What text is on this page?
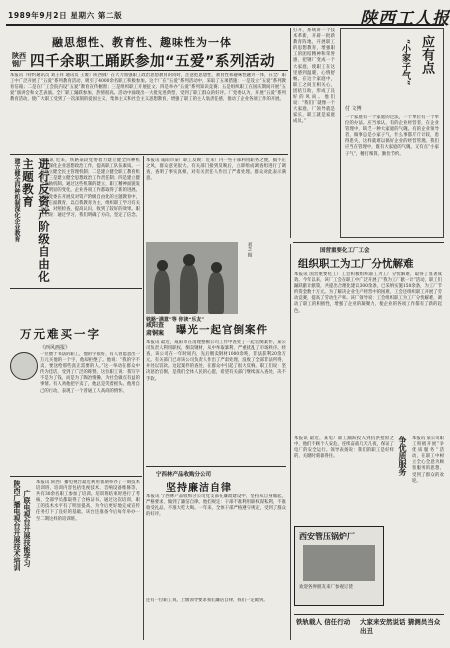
1989年9月2日 星期六 第二版	陕西工人报
融思想性、教育性、趣味性为一体
陕西
钢厂 四千余职工踊跃参加“五爱”系列活动
本报讯（特约通讯员 刘王祥 通讯员 王俊）陕西钢厂在大力加强职工政治思想教育的同时，注意把思想性、教育性和趣味性融为一体，在全厂职工中广泛开展了“五爱”系列教育活动，吸引了4000余名职工积极参加。这个厂在“五爱”系列活动中，采取了五项措施：一是设立“五爱”系列教育信箱；二是在厂工会院内设“五爱”教育宣传橱窗；三是组织职工开展征文；四是举办“五爱”系列知识竞赛；五是组织职工在国庆期间开展“五爱”演讲会和文艺表演。全厂职工踊跃参加，热情很高。活动中涌现出一大批先进典型，受到了职工群众的好评。厂党委认为，开展“五爱”系列教育活动，使广大职工受到了一次深刻的爱国主义、集体主义和社会主义思想教育，增强了职工的主人翁责任感，推动了企业各项工作的开展。
打开，系统讲一个技术革新，开辟一批新教育阵地，开展职工的思想教育，增强职工的团结精神和荣誉感，把钢厂变成一个大家庭，使职工在这里感到温暖，心情舒畅。在这个家庭中，职工之间互相关心，团结互助，形成了良好的风尚。他们说：“我们厂就像一个大家庭，厂领导就是家长，职工就是家庭成员。”
应有点
“小家子气”
付 文博
一个家庭有一个家庭的过法，一个单位有一个单位的办法。应当承认，有的企业经营者，在企业管理中，缺乏一种大家庭的气魄。有的企业领导者，做事总是小家子气，什么事都斤斤计较，患得患失，这样就难以搞好企业的经营管理。我们应当在管理中，既有大家庭的气魄，又有点“小家子气”，精打细算，勤俭节约。
建立健全四种机制深化企业教育	进行反资产阶级自由化主题教育	本报讯 近来，铁路某段党委着力建立健全四种机制，深化企业思想政治工作，提高职工队伍素质。一是建立健全民主管理机制；二是建立健全职工教育机制；三是建立健全思想政治工作责任制；四是建立健全激励机制。通过这些机制的建立，职工精神面貌发生了明显的变化，企业各项工作都取得了新的进展。该段党委在开展反对资产阶级自由化的主题教育中，坚持正面教育，以自我教育为主，组织职工学习有关文件，对照检查，提高认识，收到了较好的效果。职工们说：通过学习，我们明确了方向，坚定了信念。
铁路“满意”等 你读“乐友”
刘芝 摄
万元难买一字
《西风画报》
一位擅于书法的职工，他的字很好，有人曾愿意出一万元买他的一个字，他却拒绝了。他说：“我的字不卖，要送给那些真正需要的人。”这一举动在群众中传为佳话，受到了广泛的称赞。这位职工说：我写字不是为了钱，而是为了陶冶情操，为社会做点有益的事情。有人劝他把字卖了，他总是笑着摇头。他用自己的行动，表现了一个普通工人高尚的情怀。
陕西广播电视台开展技术培训 广联电视台开展技能学习
本报讯 陕西广播电视台最近利用暑期举办了一期技术培训班，培训内容包括电视技术、音响设备维修等，共有30余名职工参加了培训。培训班结束时进行了考核，全部学员都取得了合格证书。通过这次培训，职工的技术水平有了明显提高，为今后更好地完成宣传任务打下了良好的基础。该台还准备今后每年举办一至二期这样的培训班。
本报讯 咸阳市某厂职工反映：近来厂内一些干部利用职务之便，搞不正之风，群众意见很大。有关部门接到反映后，立即组成调查组进行了调查，查明了事实真相，对有关责任人作出了严肃处理。群众对此表示满意。
咸阳查
肃铜案 曝光一起官倒案件
本报讯 最近，咸阳市在清理整顿公司工作中查处了一起官倒案件。某公司负责人利用职权，倒卖钢材，从中牟取暴利，严重扰乱了市场秩序。经查，该公司在一年时间内，先后倒卖钢材1000余吨，非法获利20余万元。有关部门已对该公司负责人作出了严肃处理，没收了全部非法所得，并处以罚款。这起案件的查处，在群众中引起了很大反响。职工们说：坚决惩治官倒，是我们全体人民的心愿，希望有关部门继续深入查处，决不手软。
宁西林产品收购分公司
坚持廉洁自律
本报讯 宁西林产品收购分公司党支部在廉政建设中，坚持从自身做起，严格要求，做到了廉洁自律。他们规定：干部不准利用职权谋私利，不准收受礼品，不准大吃大喝。一年来，全体干部严格遵守规定，受到了群众的好评。
还有一位职工说，上级领导要求我们廉洁自律，我们一定做到。
国营重要化工厂工会
组织职工为工厂分忧解难
本报讯 国营重要化工厂工会积极组织职工为工厂分忧解难，取得了显著成效。今年以来，该厂工会在职工中广泛开展了“我为工厂献一计”活动，职工们踊跃献计献策，共提出合理化建议300余条，已采纳实施150余条，为工厂节约资金数十万元。为了解决企业生产经营中的困难，工会还组织职工开展了劳动竞赛，提高了劳动生产率。该厂领导说：工会组织职工为工厂分忧解难，调动了职工的积极性，增强了企业的凝聚力，使企业的各项工作都有了新的起色。
争优质服务 本报讯 某公司职工积极开展“争优质服务”活动，在职工中树立全心全意为顾客服务的思想，受到了群众的欢迎。
本报讯 最近，某电厂职工踊跃投入到抗洪抢险之中，他们不顾个人安危，连续奋战几天几夜，保证了电厂的安全运行。领导表扬说：我们的职工是好样的，关键时刻靠得住。
西安管压锅炉厂
欢迎各界朋友来厂参观订货
铁轨载人 信任行动	大家来安然说话 猜测员当众出丑
